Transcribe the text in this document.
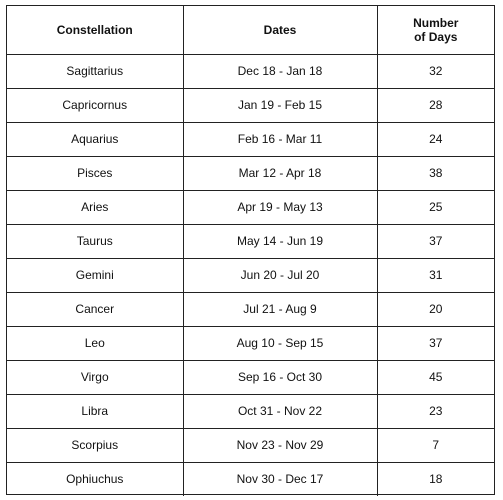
Constellation	Dates	Number
of Days

Sagittarius	Dec 18 - Jan 18	32
Capricornus	Jan 19 - Feb 15	28
Aquarius	Feb 16 - Mar 11	24
Pisces	Mar 12 - Apr 18	38
Aries	Apr 19 - May 13	25
Taurus	May 14 - Jun 19	37
Gemini	Jun 20 - Jul 20	31
Cancer	Jul 21 - Aug 9	20
Leo	Aug 10 - Sep 15	37
Virgo	Sep 16 - Oct 30	45
Libra	Oct 31 - Nov 22	23
Scorpius	Nov 23 - Nov 29	7
Ophiuchus	Nov 30 - Dec 17	18
